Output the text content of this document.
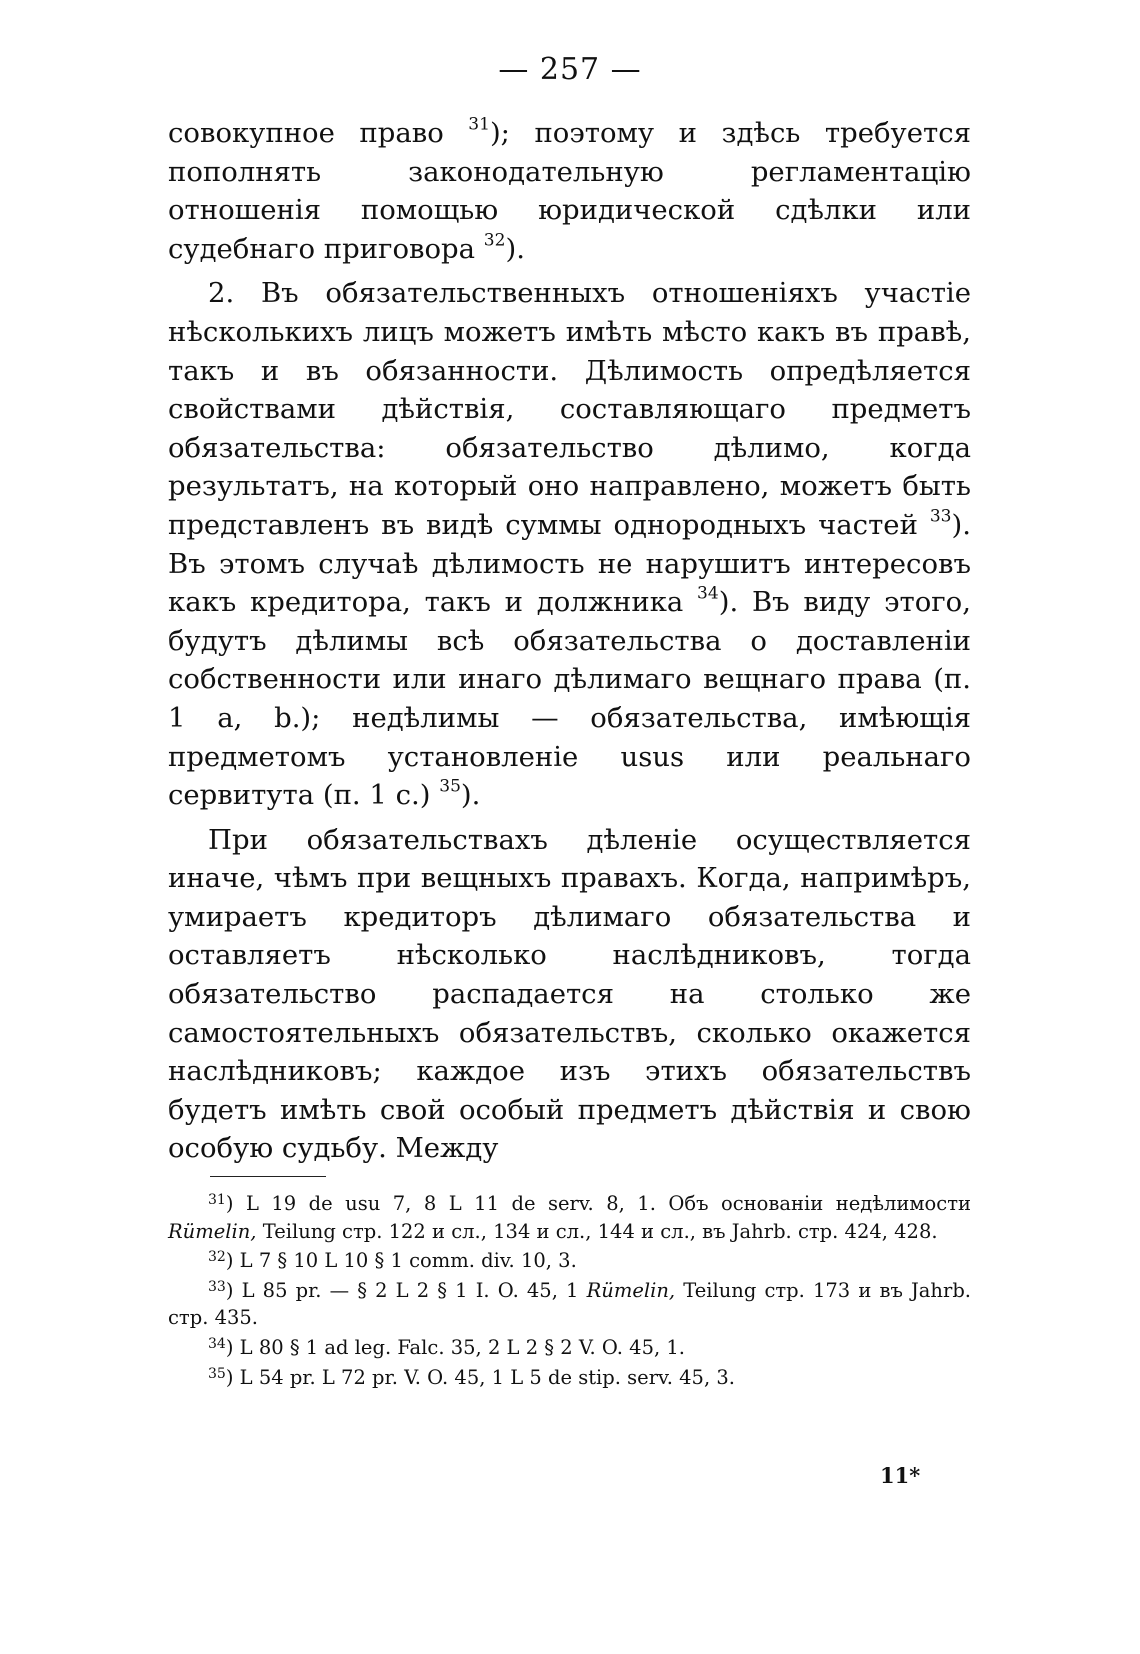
— 257 —

совокупное право $^{31}$); поэтому и здѣсь требуется пополнять законодательную регламентацію отношенія помощью юридической сдѣлки или судебнаго приговора $^{32}$).

2. Въ обязательственныхъ отношеніяхъ участіе нѣсколькихъ лицъ можетъ имѣть мѣсто какъ въ правѣ, такъ и въ обязанности. Дѣлимость опредѣляется свойствами дѣйствія, составляющаго предметъ обязательства: обязательство дѣлимо, когда результатъ, на который оно направлено, можетъ быть представленъ въ видѣ суммы однородныхъ частей $^{33}$). Въ этомъ случаѣ дѣлимость не нарушитъ интересовъ какъ кредитора, такъ и должника $^{34}$). Въ виду этого, будутъ дѣлимы всѣ обязательства о доставленіи собственности или инаго дѣлимаго вещнаго права (п. 1 a, b.); недѣлимы — обязательства, имѣющія предметомъ установленіе usus или реальнаго сервитута (п. 1 c.) $^{35}$).

При обязательствахъ дѣленіе осуществляется иначе, чѣмъ при вещныхъ правахъ. Когда, напримѣръ, умираетъ кредиторъ дѣлимаго обязательства и оставляетъ нѣсколько наслѣдниковъ, тогда обязательство распадается на столько же самостоятельныхъ обязательствъ, сколько окажется наслѣдниковъ; каждое изъ этихъ обязательствъ будетъ имѣть свой особый предметъ дѣйствія и свою особую судьбу. Между

$^{31}$) L 19 de usu 7, 8 L 11 de serv. 8, 1. Объ основаніи недѣлимости Rümelin, Teilung стр. 122 и сл., 134 и сл., 144 и сл., въ Jahrb. стр. 424, 428.

$^{32}$) L 7 § 10 L 10 § 1 comm. div. 10, 3.

$^{33}$) L 85 pr. — § 2 L 2 § 1 I. O. 45, 1 Rümelin, Teilung стр. 173 и въ Jahrb. стр. 435.

$^{34}$) L 80 § 1 ad leg. Falc. 35, 2 L 2 § 2 V. O. 45, 1.

$^{35}$) L 54 pr. L 72 pr. V. O. 45, 1 L 5 de stip. serv. 45, 3.

11*
